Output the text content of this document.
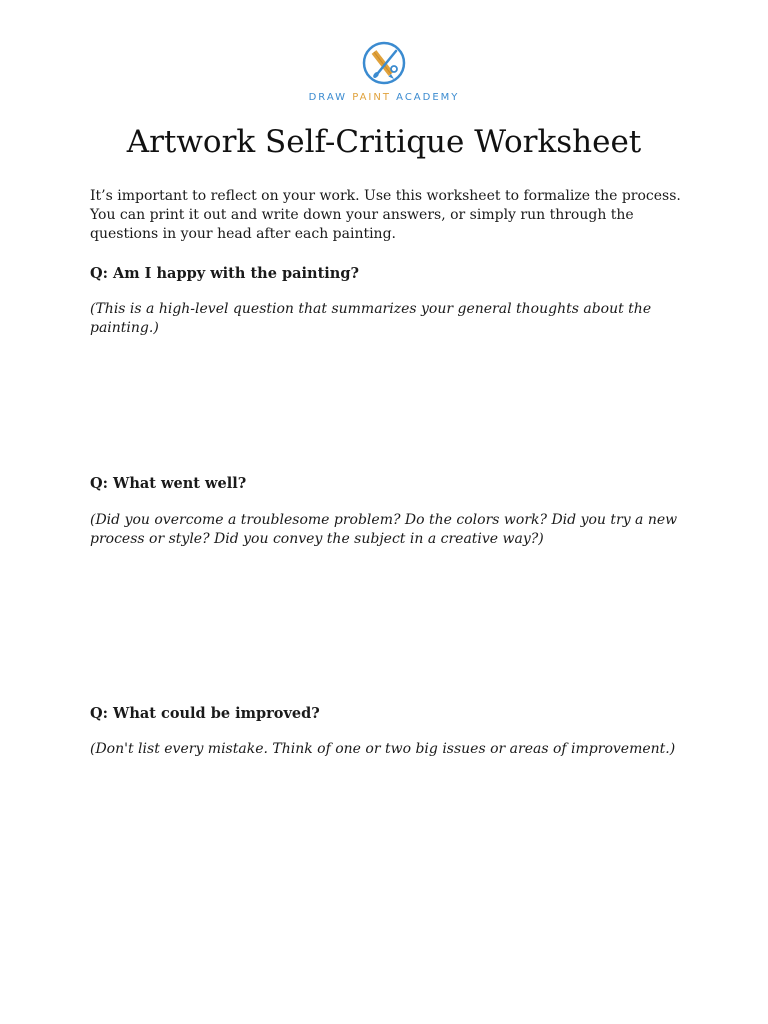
DRAW PAINT ACADEMY
Artwork Self-Critique Worksheet

It’s important to reflect on your work. Use this worksheet to formalize the process. You can print it out and write down your answers, or simply run through the questions in your head after each painting.

Q: Am I happy with the painting?

(This is a high-level question that summarizes your general thoughts about the painting.)

Q: What went well?

(Did you overcome a troublesome problem? Do the colors work? Did you try a new process or style? Did you convey the subject in a creative way?)

Q: What could be improved?

(Don't list every mistake. Think of one or two big issues or areas of improvement.)
